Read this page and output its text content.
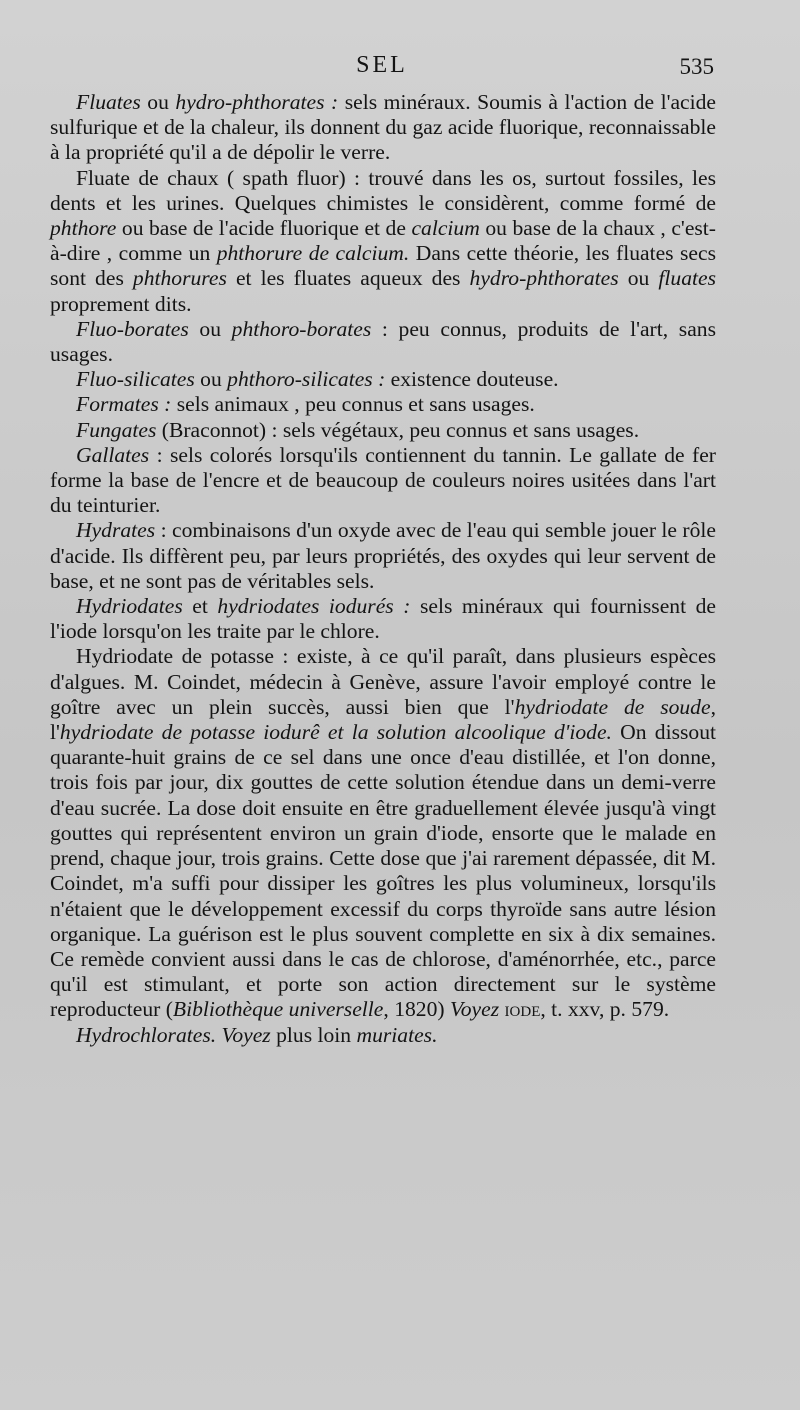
SEL	535

Fluates ou hydro-phthorates : sels minéraux. Soumis à l'action de l'acide sulfurique et de la chaleur, ils donnent du gaz acide fluorique, reconnaissable à la propriété qu'il a de dépolir le verre.

Fluate de chaux ( spath fluor) : trouvé dans les os, surtout fossiles, les dents et les urines. Quelques chimistes le considèrent, comme formé de phthore ou base de l'acide fluorique et de calcium ou base de la chaux , c'est-à-dire , comme un phthorure de calcium. Dans cette théorie, les fluates secs sont des phthorures et les fluates aqueux des hydro-phthorates ou fluates proprement dits.

Fluo-borates ou phthoro-borates : peu connus, produits de l'art, sans usages.

Fluo-silicates ou phthoro-silicates : existence douteuse.

Formates : sels animaux , peu connus et sans usages.

Fungates (Braconnot) : sels végétaux, peu connus et sans usages.

Gallates : sels colorés lorsqu'ils contiennent du tannin. Le gallate de fer forme la base de l'encre et de beaucoup de couleurs noires usitées dans l'art du teinturier.

Hydrates : combinaisons d'un oxyde avec de l'eau qui semble jouer le rôle d'acide. Ils diffèrent peu, par leurs propriétés, des oxydes qui leur servent de base, et ne sont pas de véritables sels.

Hydriodates et hydriodates iodurés : sels minéraux qui fournissent de l'iode lorsqu'on les traite par le chlore.

Hydriodate de potasse : existe, à ce qu'il paraît, dans plusieurs espèces d'algues. M. Coindet, médecin à Genève, assure l'avoir employé contre le goître avec un plein succès, aussi bien que l'hydriodate de soude, l'hydriodate de potasse iodurê et la solution alcoolique d'iode. On dissout quarante-huit grains de ce sel dans une once d'eau distillée, et l'on donne, trois fois par jour, dix gouttes de cette solution étendue dans un demi-verre d'eau sucrée. La dose doit ensuite en être graduellement élevée jusqu'à vingt gouttes qui représentent environ un grain d'iode, ensorte que le malade en prend, chaque jour, trois grains. Cette dose que j'ai rarement dépassée, dit M. Coindet, m'a suffi pour dissiper les goîtres les plus volumineux, lorsqu'ils n'étaient que le développement excessif du corps thyroïde sans autre lésion organique. La guérison est le plus souvent complette en six à dix semaines. Ce remède convient aussi dans le cas de chlorose, d'aménorrhée, etc., parce qu'il est stimulant, et porte son action directement sur le système reproducteur (Bibliothèque universelle, 1820) Voyez iode, t. xxv, p. 579.

Hydrochlorates. Voyez plus loin muriates.
